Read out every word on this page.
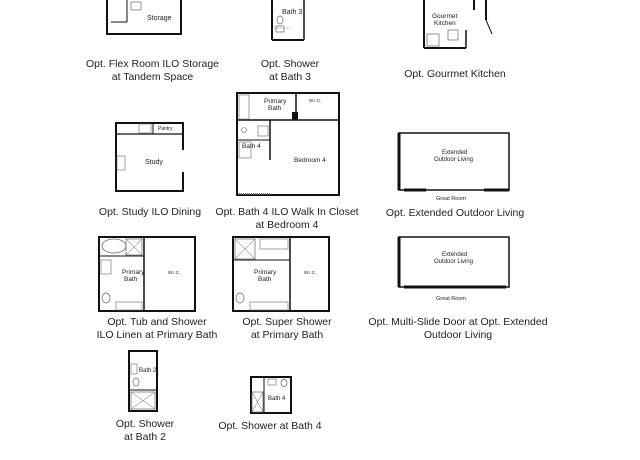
Storage
Opt. Flex Room ILO Storage
at Tandem Space
Bath 3
Opt. Shower
at Bath 3
Gourmet
Kitchen
Opt. Gourmet Kitchen
Pantry
Study
Opt. Study ILO Dining
Primary
Bath
W.I.C.
Bath 4
Bedroom 4
Opt. Bath 4 ILO Walk In Closet
at Bedroom 4
Extended
Outdoor Living
Great Room
Opt. Extended Outdoor Living
Primary
Bath
W.I.C.
Opt. Tub and Shower
ILO Linen at Primary Bath
Primary
Bath
W.I.C.
Opt. Super Shower
at Primary Bath
Extended
Outdoor Living
Great Room
Opt. Multi-Slide Door at Opt. Extended
Outdoor Living
Bath 2
Opt. Shower
at Bath 2
Bath 4
Opt. Shower at Bath 4
